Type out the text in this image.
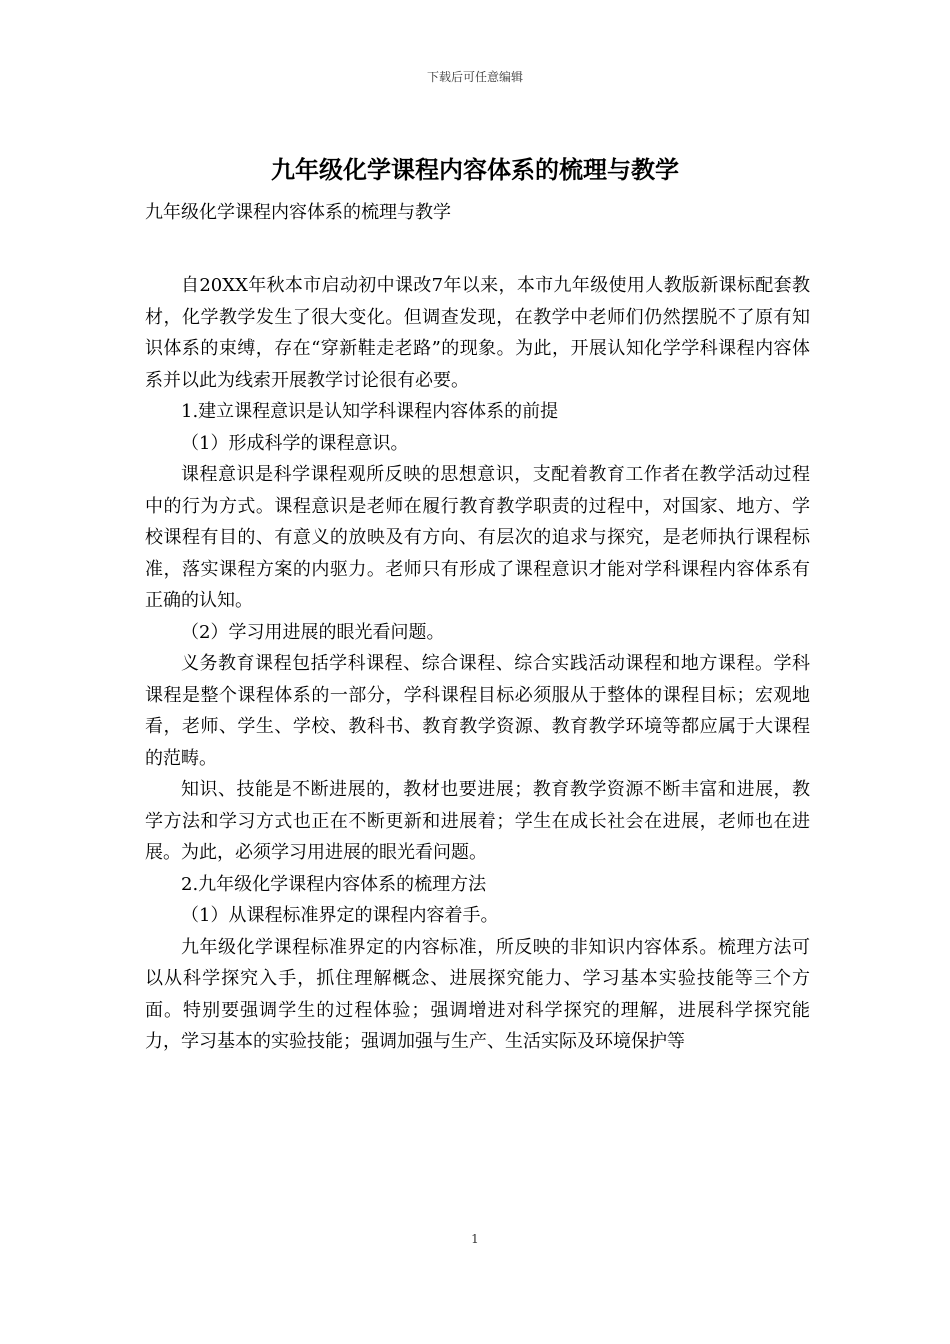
下载后可任意编辑
九年级化学课程内容体系的梳理与教学
九年级化学课程内容体系的梳理与教学

自20XX年秋本市启动初中课改7年以来，本市九年级使用人教版新课标配套教材，化学教学发生了很大变化。但调查发现，在教学中老师们仍然摆脱不了原有知识体系的束缚，存在“穿新鞋走老路”的现象。为此，开展认知化学学科课程内容体系并以此为线索开展教学讨论很有必要。

1.建立课程意识是认知学科课程内容体系的前提

（1）形成科学的课程意识。

课程意识是科学课程观所反映的思想意识，支配着教育工作者在教学活动过程中的行为方式。课程意识是老师在履行教育教学职责的过程中，对国家、地方、学校课程有目的、有意义的放映及有方向、有层次的追求与探究，是老师执行课程标准，落实课程方案的内驱力。老师只有形成了课程意识才能对学科课程内容体系有正确的认知。

（2）学习用进展的眼光看问题。

义务教育课程包括学科课程、综合课程、综合实践活动课程和地方课程。学科课程是整个课程体系的一部分，学科课程目标必须服从于整体的课程目标；宏观地看，老师、学生、学校、教科书、教育教学资源、教育教学环境等都应属于大课程的范畴。

知识、技能是不断进展的，教材也要进展；教育教学资源不断丰富和进展，教学方法和学习方式也正在不断更新和进展着；学生在成长社会在进展，老师也在进展。为此，必须学习用进展的眼光看问题。

2.九年级化学课程内容体系的梳理方法

（1）从课程标准界定的课程内容着手。

九年级化学课程标准界定的内容标准，所反映的非知识内容体系。梳理方法可以从科学探究入手，抓住理解概念、进展探究能力、学习基本实验技能等三个方面。特别要强调学生的过程体验；强调增进对科学探究的理解，进展科学探究能力，学习基本的实验技能；强调加强与生产、生活实际及环境保护等

1
